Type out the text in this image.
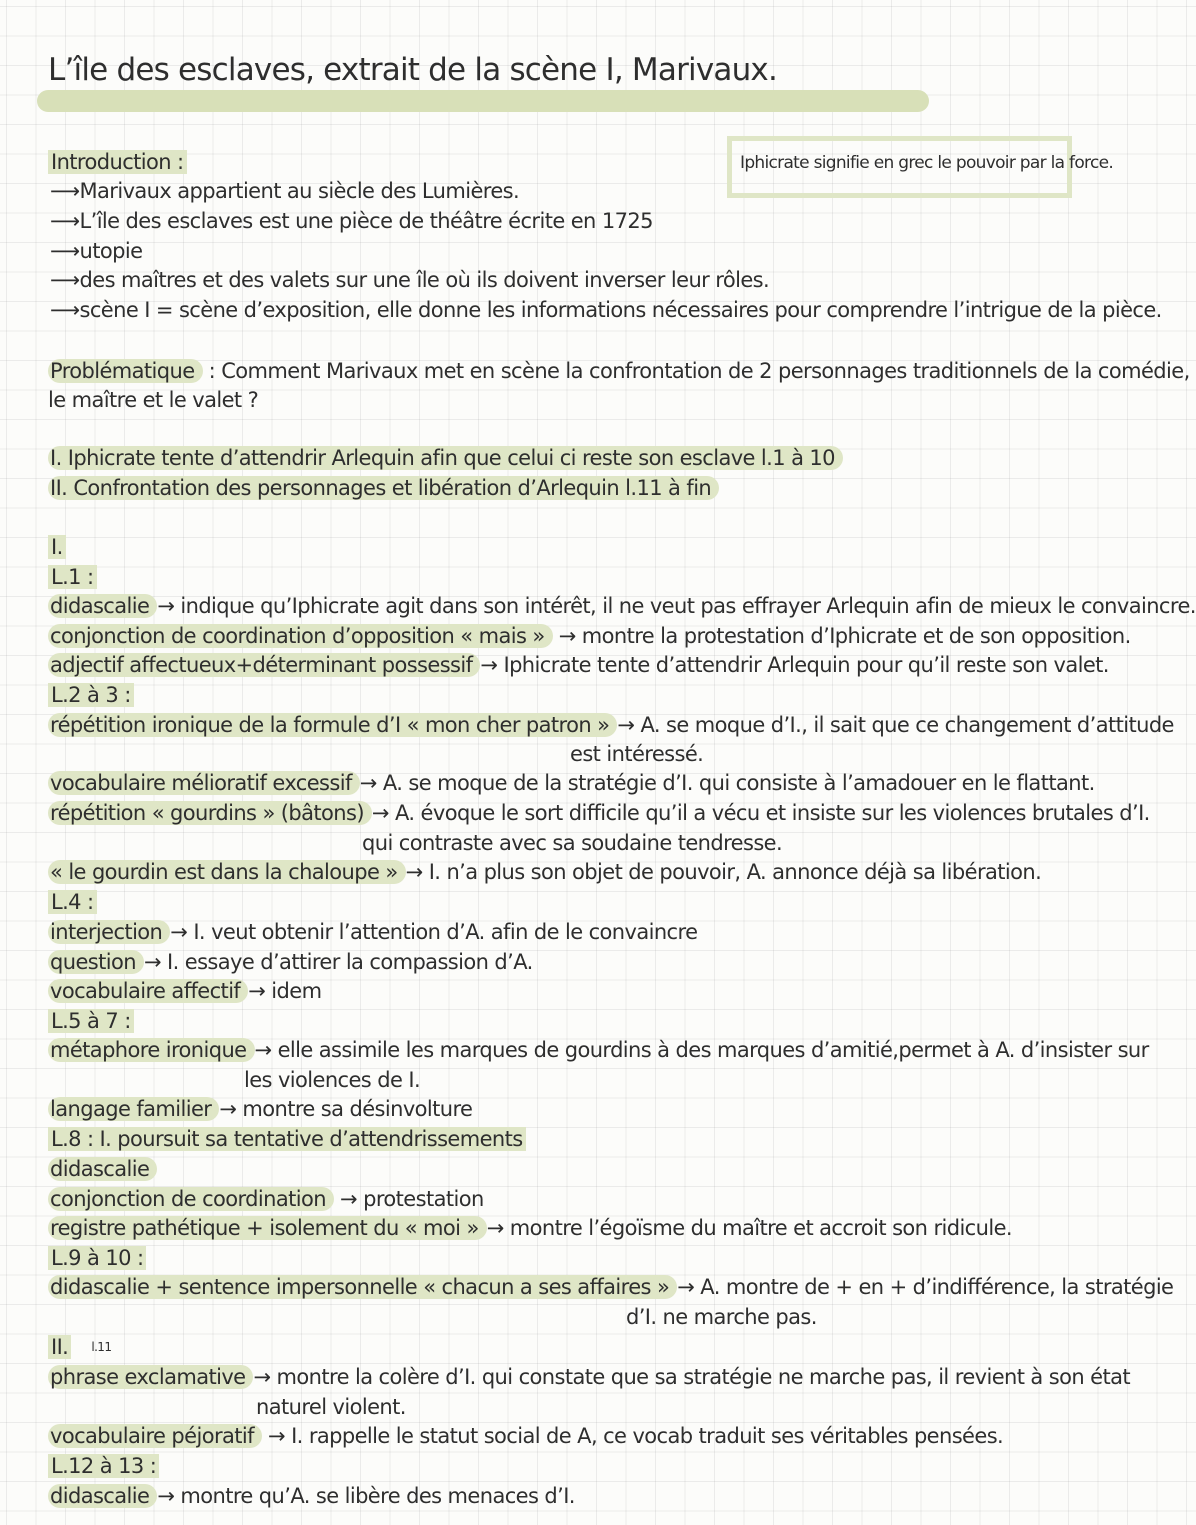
L’île des esclaves, extrait de la scène I, Marivaux.
Iphicrate signifie en grec le pouvoir par la force.
Introduction :
⟶Marivaux appartient au siècle des Lumières.
⟶L’île des esclaves est une pièce de théâtre écrite en 1725
⟶utopie
⟶des maîtres et des valets sur une île où ils doivent inverser leur rôles.
⟶scène I = scène d’exposition, elle donne les informations nécessaires pour comprendre l’intrigue de la pièce.
Problématique : Comment Marivaux met en scène la confrontation de 2 personnages traditionnels de la comédie,
le maître et le valet ?
I. Iphicrate tente d’attendrir Arlequin afin que celui ci reste son esclave l.1 à 10
II. Confrontation des personnages et libération d’Arlequin l.11 à fin
I.
L.1 :
didascalie → indique qu’Iphicrate agit dans son intérêt, il ne veut pas effrayer Arlequin afin de mieux le convaincre.
conjonction de coordination d’opposition « mais » → montre la protestation d’Iphicrate et de son opposition.
adjectif affectueux+déterminant possessif → Iphicrate tente d’attendrir Arlequin pour qu’il reste son valet.
L.2 à 3 :
répétition ironique de la formule d’I « mon cher patron » → A. se moque d’I., il sait que ce changement d’attitude
est intéressé.
vocabulaire mélioratif excessif → A. se moque de la stratégie d’I. qui consiste à l’amadouer en le flattant.
répétition « gourdins » (bâtons) → A. évoque le sort difficile qu’il a vécu et insiste sur les violences brutales d’I.
qui contraste avec sa soudaine tendresse.
« le gourdin est dans la chaloupe » → I. n’a plus son objet de pouvoir, A. annonce déjà sa libération.
L.4 :
interjection → I. veut obtenir l’attention d’A. afin de le convaincre
question → I. essaye d’attirer la compassion d’A.
vocabulaire affectif → idem
L.5 à 7 :
métaphore ironique → elle assimile les marques de gourdins à des marques d’amitié,permet à A. d’insister sur
les violences de I.
langage familier → montre sa désinvolture
L.8 : I. poursuit sa tentative d’attendrissements
didascalie
conjonction de coordination → protestation
registre pathétique + isolement du « moi » → montre l’égoïsme du maître et accroit son ridicule.
L.9 à 10 :
didascalie + sentence impersonnelle « chacun a ses affaires » → A. montre de + en + d’indifférence, la stratégie
d’I. ne marche pas.
II. $^{l.11}$
phrase exclamative → montre la colère d’I. qui constate que sa stratégie ne marche pas, il revient à son état
naturel violent.
vocabulaire péjoratif → I. rappelle le statut social de A, ce vocab traduit ses véritables pensées.
L.12 à 13 :
didascalie → montre qu’A. se libère des menaces d’I.
